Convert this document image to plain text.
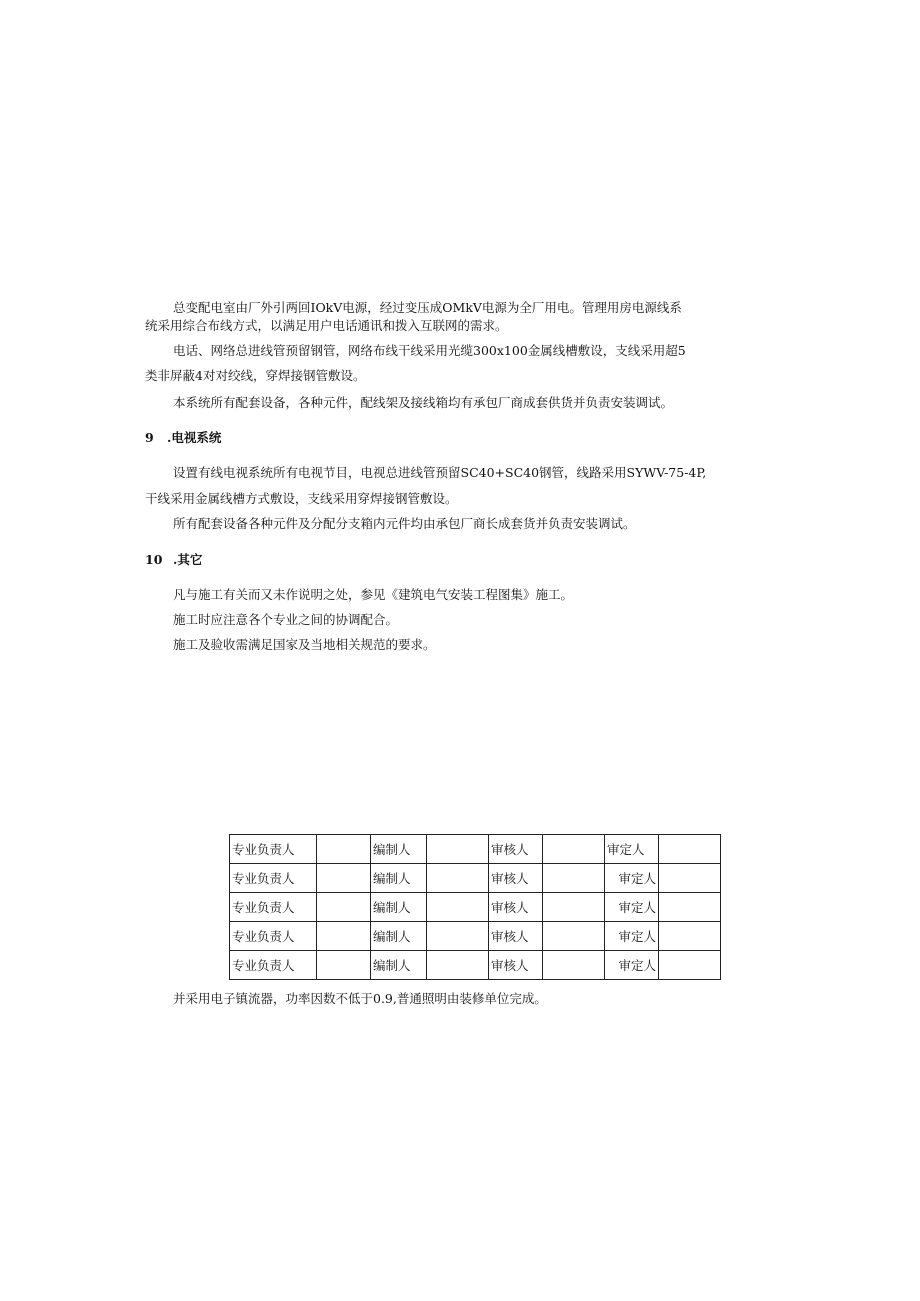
总变配电室由厂外引两回IOkV电源，经过变压成OMkV电源为全厂用电。管理用房电源线系
统采用综合布线方式，以满足用户电话通讯和拨入互联网的需求。
电话、网络总进线管预留钢管，网络布线干线采用光缆300x100金属线槽敷设，支线采用超5
类非屏蔽4对对绞线，穿焊接钢管敷设。
本系统所有配套设备，各种元件，配线架及接线箱均有承包厂商成套供货并负责安装调试。
9 .电视系统
设置有线电视系统所有电视节目，电视总进线管预留SC40+SC40钢管，线路采用SYWV-75-4P,
干线采用金属线槽方式敷设，支线采用穿焊接钢管敷设。
所有配套设备各种元件及分配分支箱内元件均由承包厂商长成套货并负责安装调试。
10 .其它
凡与施工有关而又未作说明之处，参见《建筑电气安装工程图集》施工。
施工时应注意各个专业之间的协调配合。
施工及验收需满足国家及当地相关规范的要求。
专业负责人		编制人		审核人		审定人	
专业负责人		编制人		审核人		审定人	
专业负责人		编制人		审核人		审定人	
专业负责人		编制人		审核人		审定人	
专业负责人		编制人		审核人		审定人	
并采用电子镇流器，功率因数不低于0.9,普通照明由装修单位完成。
